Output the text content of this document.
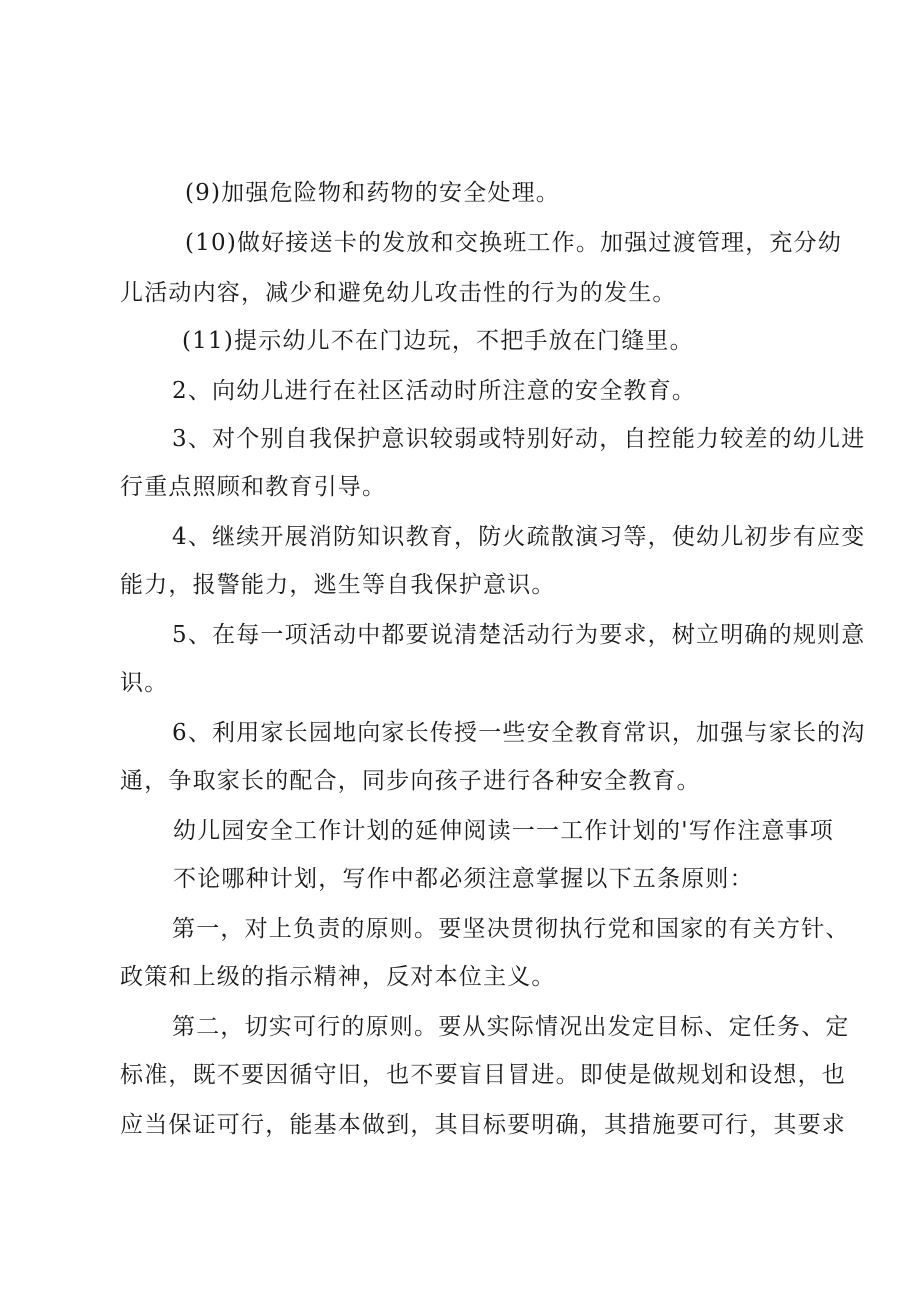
(9)加强危险物和药物的安全处理。
(10)做好接送卡的发放和交换班工作。加强过渡管理，充分幼
儿活动内容，减少和避免幼儿攻击性的行为的发生。
(11)提示幼儿不在门边玩，不把手放在门缝里。
2、向幼儿进行在社区活动时所注意的安全教育。
3、对个别自我保护意识较弱或特别好动，自控能力较差的幼儿进
行重点照顾和教育引导。
4、继续开展消防知识教育，防火疏散演习等，使幼儿初步有应变
能力，报警能力，逃生等自我保护意识。
5、在每一项活动中都要说清楚活动行为要求，树立明确的规则意
识。
6、利用家长园地向家长传授一些安全教育常识，加强与家长的沟
通，争取家长的配合，同步向孩子进行各种安全教育。
幼儿园安全工作计划的延伸阅读一一工作计划的'写作注意事项
不论哪种计划，写作中都必须注意掌握以下五条原则：
第一，对上负责的原则。要坚决贯彻执行党和国家的有关方针、
政策和上级的指示精神，反对本位主义。
第二，切实可行的原则。要从实际情况出发定目标、定任务、定
标准，既不要因循守旧，也不要盲目冒进。即使是做规划和设想，也
应当保证可行，能基本做到，其目标要明确，其措施要可行，其要求
